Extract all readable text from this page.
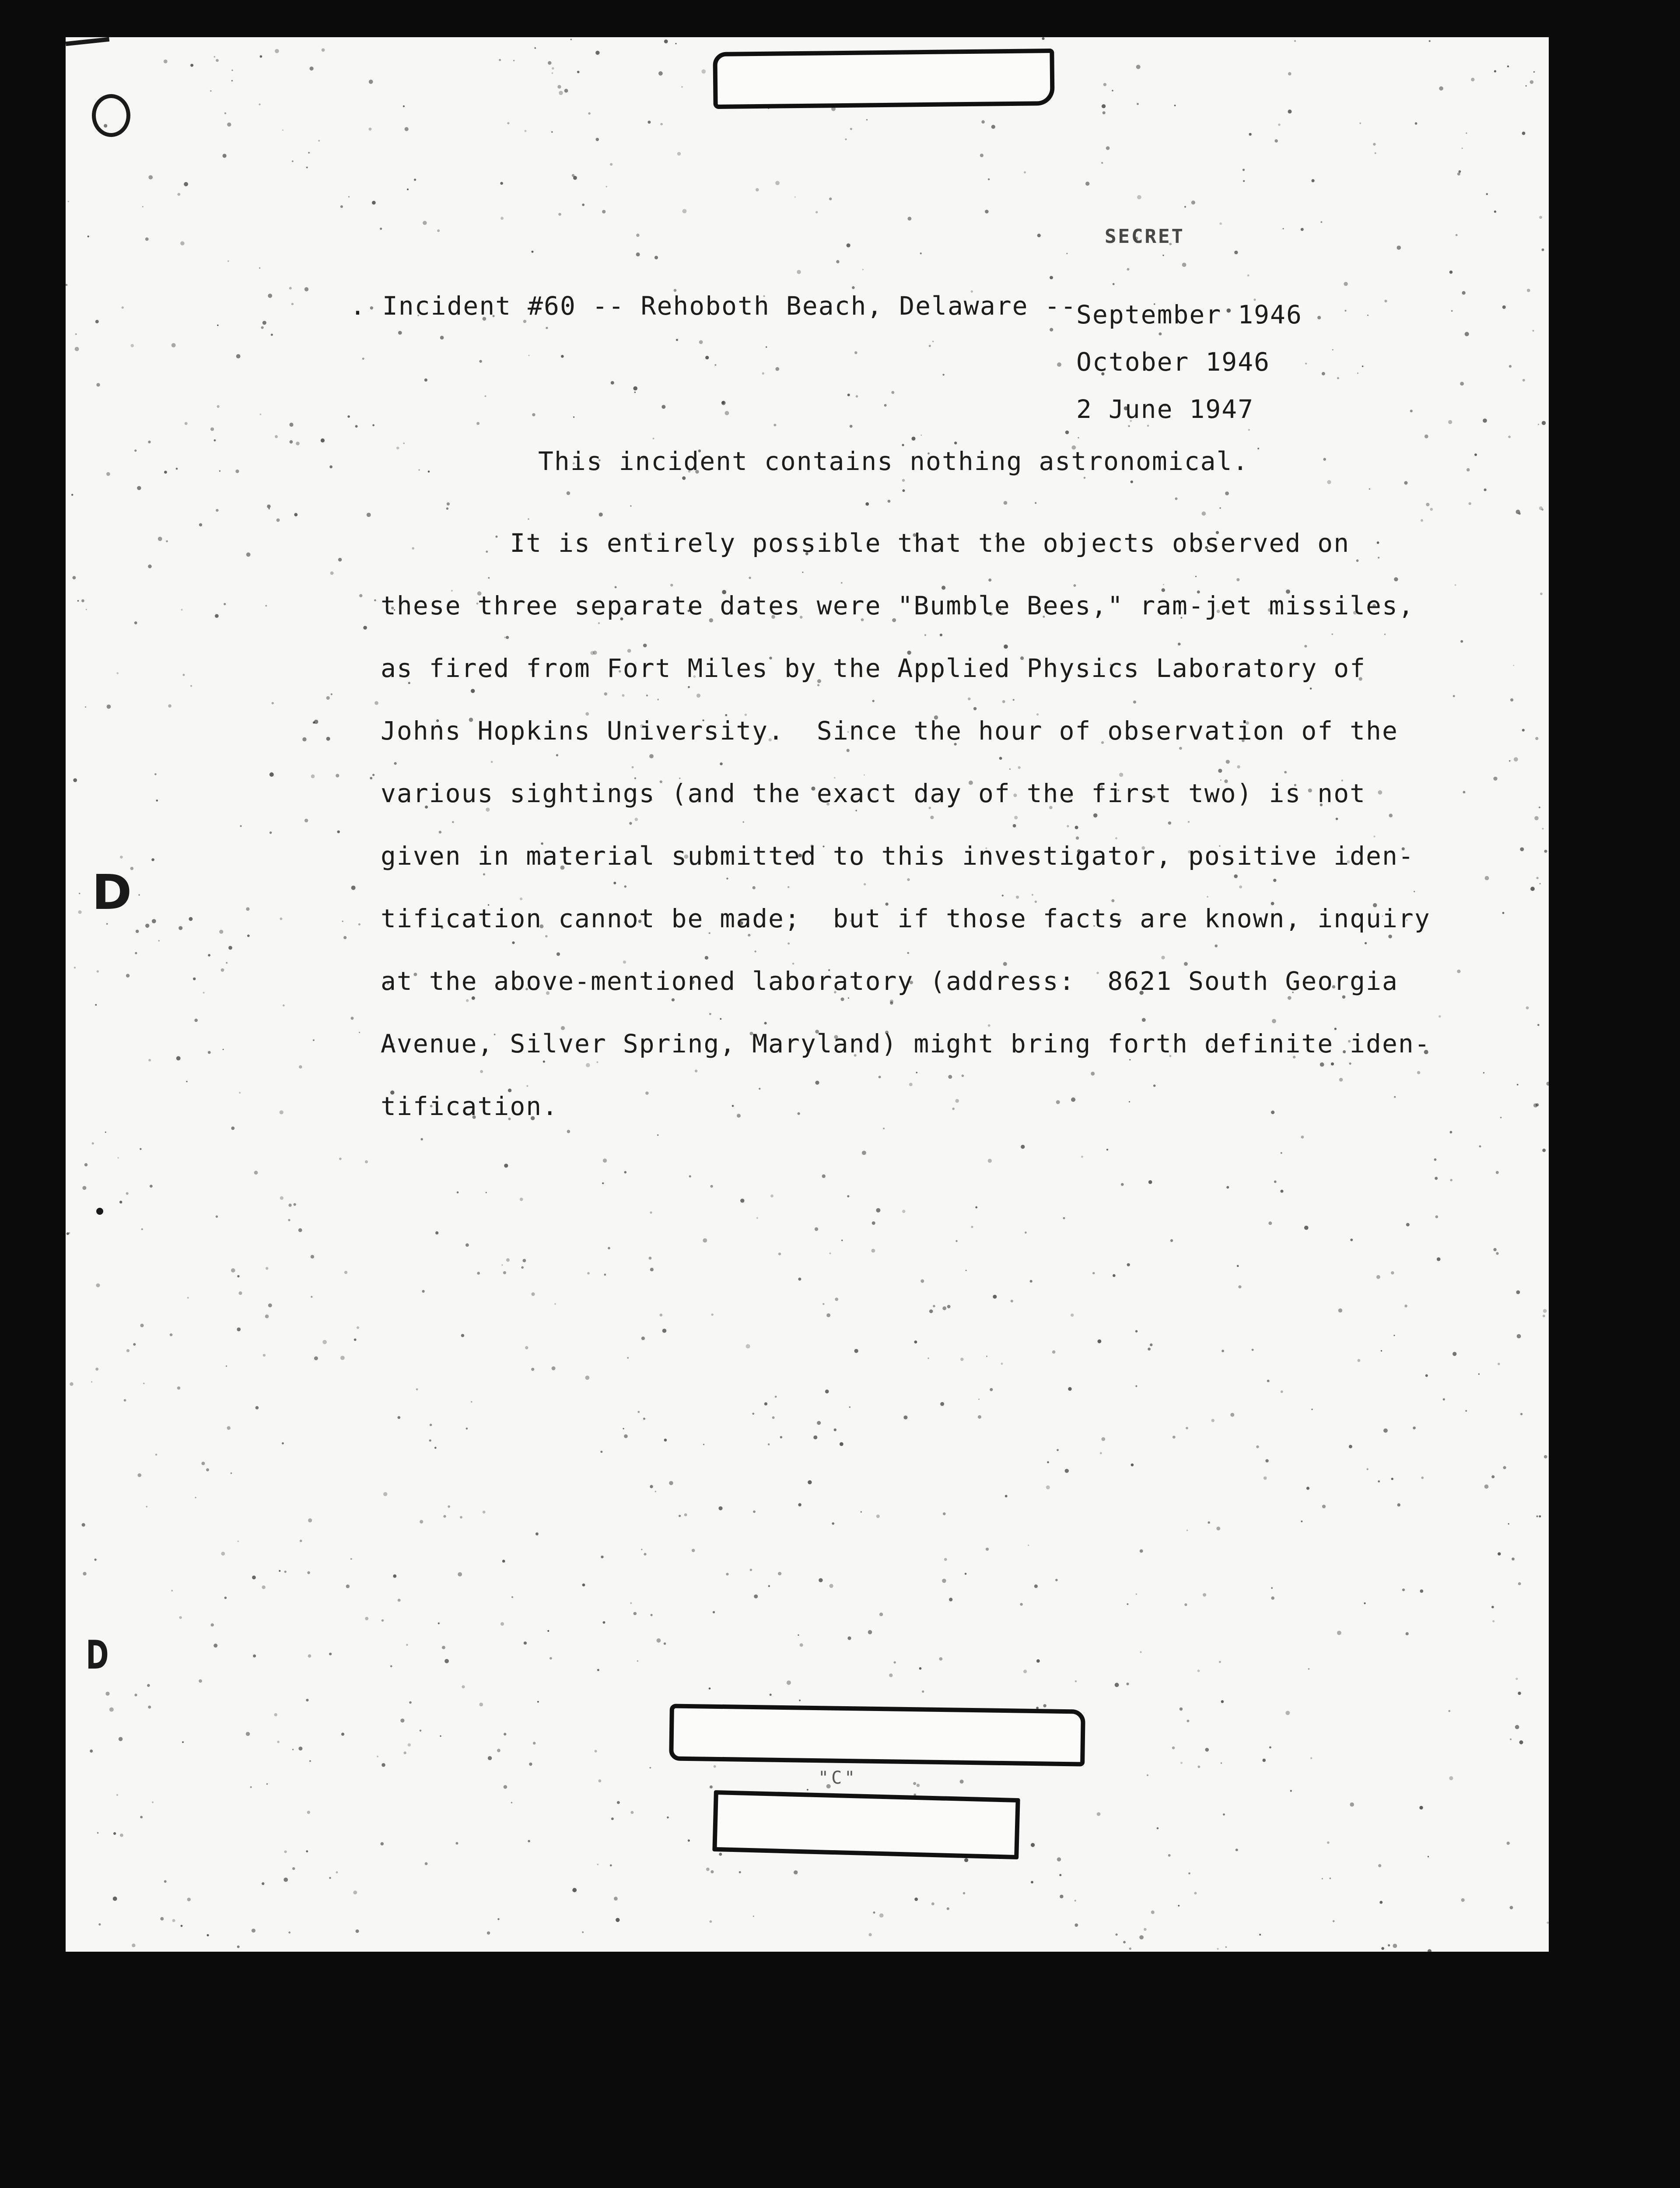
SECRET
. Incident #60 -- Rehoboth Beach, Delaware --
September 1946
October 1946
2 June 1947
This incident contains nothing astronomical.
It is entirely possible that the objects observed on
these three separate dates were "Bumble Bees," ram-jet missiles,
as fired from Fort Miles by the Applied Physics Laboratory of
Johns Hopkins University.  Since the hour of observation of the
various sightings (and the exact day of the first two) is not
given in material submitted to this investigator, positive iden-
tification cannot be made;  but if those facts are known, inquiry
at the above-mentioned laboratory (address:  8621 South Georgia
Avenue, Silver Spring, Maryland) might bring forth definite iden-
tification.
"C"
D
D
